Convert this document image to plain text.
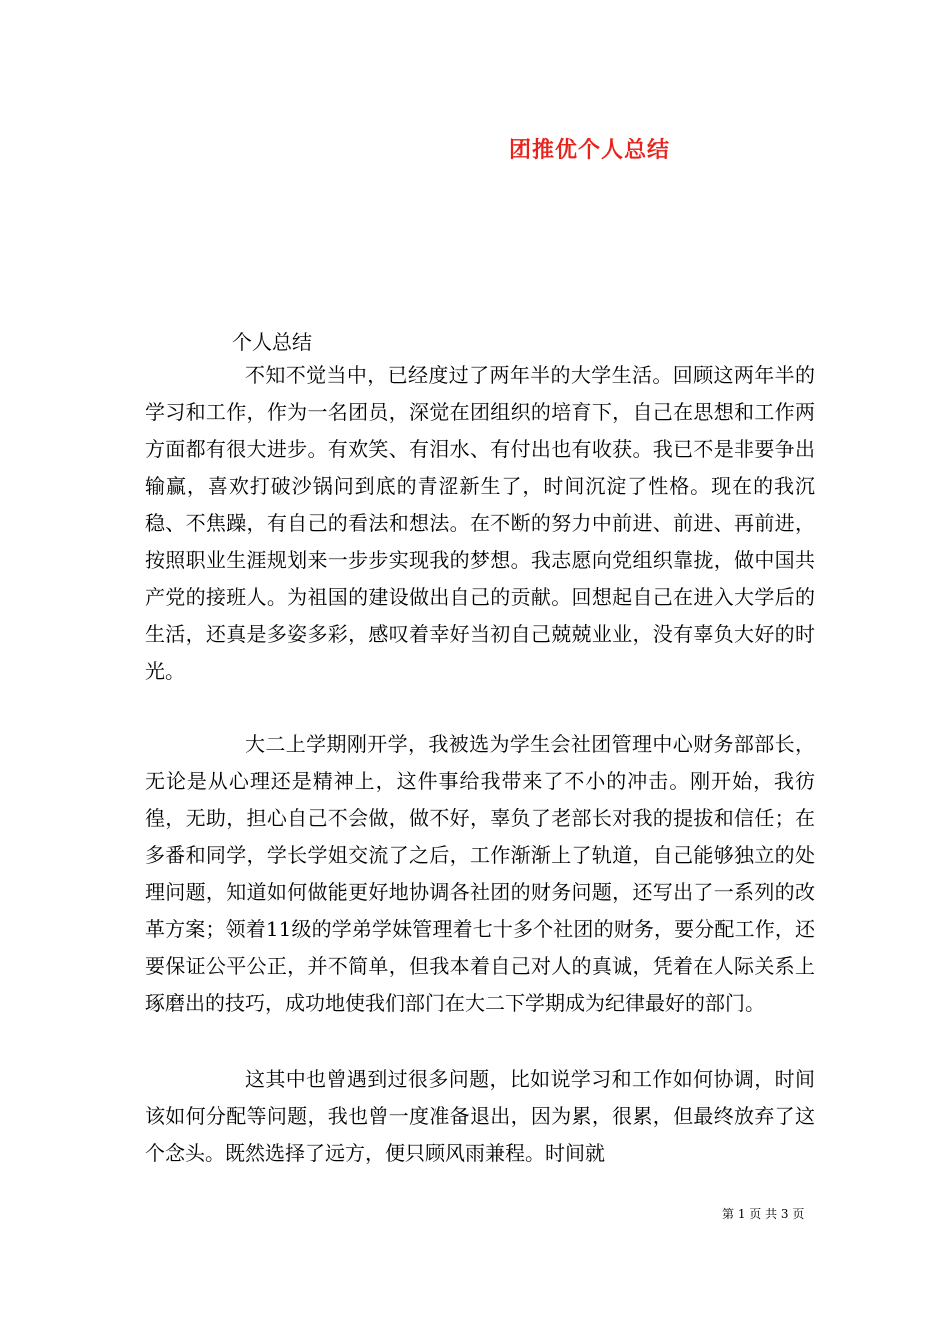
团推优个人总结
个人总结

不知不觉当中，已经度过了两年半的大学生活。回顾这两年半的学习和工作，作为一名团员，深觉在团组织的培育下，自己在思想和工作两方面都有很大进步。有欢笑、有泪水、有付出也有收获。我已不是非要争出输赢，喜欢打破沙锅问到底的青涩新生了，时间沉淀了性格。现在的我沉稳、不焦躁，有自己的看法和想法。在不断的努力中前进、前进、再前进，按照职业生涯规划来一步步实现我的梦想。我志愿向党组织靠拢，做中国共产党的接班人。为祖国的建设做出自己的贡献。回想起自己在进入大学后的生活，还真是多姿多彩，感叹着幸好当初自己兢兢业业，没有辜负大好的时光。

大二上学期刚开学，我被选为学生会社团管理中心财务部部长，无论是从心理还是精神上，这件事给我带来了不小的冲击。刚开始，我彷徨，无助，担心自己不会做，做不好，辜负了老部长对我的提拔和信任；在多番和同学，学长学姐交流了之后，工作渐渐上了轨道，自己能够独立的处理问题，知道如何做能更好地协调各社团的财务问题，还写出了一系列的改革方案；领着11级的学弟学妹管理着七十多个社团的财务，要分配工作，还要保证公平公正，并不简单，但我本着自己对人的真诚，凭着在人际关系上琢磨出的技巧，成功地使我们部门在大二下学期成为纪律最好的部门。

这其中也曾遇到过很多问题，比如说学习和工作如何协调，时间该如何分配等问题，我也曾一度准备退出，因为累，很累，但最终放弃了这个念头。既然选择了远方，便只顾风雨兼程。时间就

第 1 页 共 3 页
